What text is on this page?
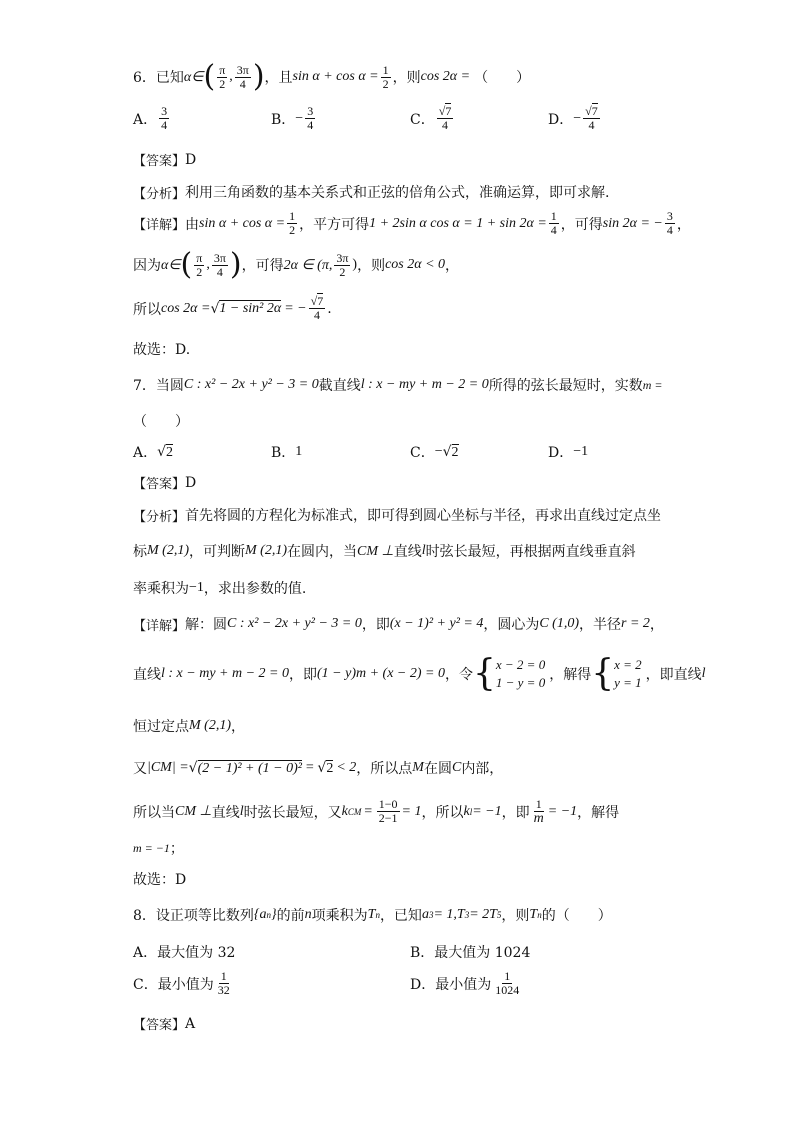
6．已知 α∈ ( $\frac{\pi}{2}$ , $\frac{3\pi}{4}$ ) ，且 $\sin \alpha + \cos \alpha = \frac{1}{2}$ ，则 cos 2α = （　　）
A． $\frac{3}{4}$	B． − $\frac{3}{4}$	C． $\frac{√7}{4}$	D． − $\frac{√7}{4}$
【答案】 D
【分析】 利用三角函数的基本关系式和正弦的倍角公式，准确运算，即可求解.
【详解】 由 $\sin \alpha + \cos \alpha = \frac{1}{2}$ ，平方可得 1 + 2sin α $\cos \alpha = 1 + \sin 2\alpha = \frac{1}{4}$ ，可得 sin 2α = − $\frac{3}{4}$ ，
因为 α∈ ( $\frac{\pi}{2}$ , $\frac{3\pi}{4}$ ) ，可得 2α ∈ (π, $\frac{3\pi}{2}$ ) ，则 cos 2α < 0 ，
所以 cos 2α = √ 1 − sin² 2α = − $\frac{√7}{4}$ .
故选：D.
7．当圆 C : x² − 2x + y² − 3 = 0 截直线 l : x − my + m − 2 = 0 所得的弦长最短时，实数 m =
（　　）
A． √ 2	B． 1	C． − √ 2	D． −1
【答案】 D
【分析】 首先将圆的方程化为标准式，即可得到圆心坐标与半径，再求出直线过定点坐
标 M (2,1) ，可判断 M (2,1) 在圆内，当 CM ⊥ 直线 l 时弦长最短，再根据两直线垂直斜
率乘积为 −1 ，求出参数的值.
【详解】 解：圆 C : x² − 2x + y² − 3 = 0 ，即 (x − 1)² + y² = 4 ，圆心为 C (1,0) ，半径 r = 2 ，
直线 l : x − my + m − 2 = 0 ，即 (1 − y)m + (x − 2) = 0 ，令 { x − 2 = 0
1 − y = 0 ，解得 { x = 2
y = 1 ，即直线 l
恒过定点 M (2,1) ，
又 |CM| = √ (2 − 1)² + (1 − 0)² = √ 2 < 2 ，所以点 M 在圆 C 内部，
所以当 CM ⊥ 直线 l 时弦长最短，又 k CM = $\frac{1-0}{2-1} = 1$ ，所以 k l = −1 ，即 $\frac{1}{m} = -1$ ，解得
m = −1 ；
故选：D
8．设正项等比数列 {a n } 的前 n 项乘积为 T n ，已知 a 3 = 1, T 3 = 2T 5 ，则 T n 的（　　）
A． 最大值为 32	B． 最大值为 1024
C． 最小值为 $\frac{1}{32}$	D． 最小值为 $\frac{1}{1024}$
【答案】 A
